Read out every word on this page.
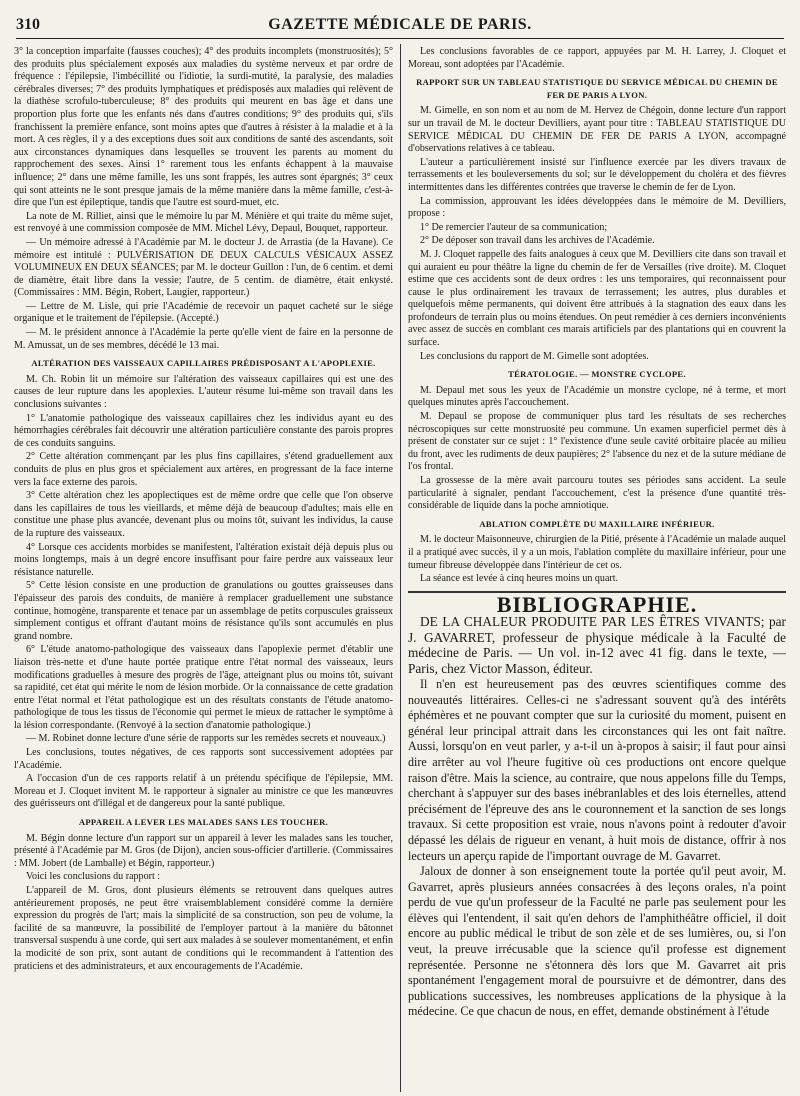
310	GAZETTE MÉDICALE DE PARIS.

3° la conception imparfaite (fausses couches); 4° des produits incomplets (monstruosités); 5° des produits plus spécialement exposés aux maladies du système nerveux et par ordre de fréquence : l'épilepsie, l'imbécillité ou l'idiotie, la surdi-mutité, la paralysie, des maladies cérébrales diverses; 7° des produits lymphatiques et prédisposés aux maladies qui relèvent de la diathèse scrofulo-tuberculeuse; 8° des produits qui meurent en bas âge et dans une proportion plus forte que les enfants nés dans d'autres conditions; 9° des produits qui, s'ils franchissent la première enfance, sont moins aptes que d'autres à résister à la maladie et à la mort. A ces règles, il y a des exceptions dues soit aux conditions de santé des ascendants, soit aux circonstances dynamiques dans lesquelles se trouvent les parents au moment du rapprochement des sexes. Ainsi 1° rarement tous les enfants échappent à la mauvaise influence; 2° dans une même famille, les uns sont frappés, les autres sont épargnés; 3° ceux qui sont atteints ne le sont presque jamais de la même manière dans la même famille, c'est-à-dire que l'un est épileptique, tandis que l'autre est sourd-muet, etc.

La note de M. Rilliet, ainsi que le mémoire lu par M. Ménière et qui traite du même sujet, est renvoyé à une commission composée de MM. Michel Lévy, Depaul, Bouquet, rapporteur.

— Un mémoire adressé à l'Académie par M. le docteur J. de Arrastia (de la Havane). Ce mémoire est intitulé : PULVÉRISATION DE DEUX CALCULS VÉSICAUX ASSEZ VOLUMINEUX EN DEUX SÉANCES; par M. le docteur Guillon : l'un, de 6 centim. et demi de diamètre, était libre dans la vessie; l'autre, de 5 centim. de diamètre, était enkysté. (Commissaires : MM. Bégin, Robert, Laugier, rapporteur.)

— Lettre de M. Lisle, qui prie l'Académie de recevoir un paquet cacheté sur le siége organique et le traitement de l'épilepsie. (Accepté.)

— M. le président annonce à l'Académie la perte qu'elle vient de faire en la personne de M. Amussat, un de ses membres, décédé le 13 mai.

ALTÉRATION DES VAISSEAUX CAPILLAIRES PRÉDISPOSANT A L'APOPLEXIE.

M. Ch. Robin lit un mémoire sur l'altération des vaisseaux capillaires qui est une des causes de leur rupture dans les apoplexies. L'auteur résume lui-même son travail dans les conclusions suivantes :

1° L'anatomie pathologique des vaisseaux capillaires chez les individus ayant eu des hémorrhagies cérébrales fait découvrir une altération particulière constante des parois propres de ces conduits sanguins.

2° Cette altération commençant par les plus fins capillaires, s'étend graduellement aux conduits de plus en plus gros et spécialement aux artères, en progressant de la face interne vers la face externe des parois.

3° Cette altération chez les apoplectiques est de même ordre que celle que l'on observe dans les capillaires de tous les vieillards, et même déjà de beaucoup d'adultes; mais elle en constitue une phase plus avancée, devenant plus ou moins tôt, suivant les individus, la cause de la rupture des vaisseaux.

4° Lorsque ces accidents morbides se manifestent, l'altération existait déjà depuis plus ou moins longtemps, mais à un degré encore insuffisant pour faire perdre aux vaisseaux leur résistance naturelle.

5° Cette lésion consiste en une production de granulations ou gouttes graisseuses dans l'épaisseur des parois des conduits, de manière à remplacer graduellement une substance continue, homogène, transparente et tenace par un assemblage de petits corpuscules graisseux simplement contigus et offrant d'autant moins de résistance qu'ils sont accumulés en plus grand nombre.

6° L'étude anatomo-pathologique des vaisseaux dans l'apoplexie permet d'établir une liaison très-nette et d'une haute portée pratique entre l'état normal des vaisseaux, leurs modifications graduelles à mesure des progrès de l'âge, atteignant plus ou moins tôt, suivant sa rapidité, cet état qui mérite le nom de lésion morbide. Or la connaissance de cette gradation entre l'état normal et l'état pathologique est un des résultats constants de l'étude anatomo-pathologique de tous les tissus de l'économie qui permet le mieux de rattacher le symptôme à la lésion correspondante. (Renvoyé à la section d'anatomie pathologique.)

— M. Robinet donne lecture d'une série de rapports sur les remèdes secrets et nouveaux.)

Les conclusions, toutes négatives, de ces rapports sont successivement adoptées par l'Académie.

A l'occasion d'un de ces rapports relatif à un prétendu spécifique de l'épilepsie, MM. Moreau et J. Cloquet invitent M. le rapporteur à signaler au ministre ce que les manœuvres des guérisseurs ont d'illégal et de dangereux pour la santé publique.

APPAREIL A LEVER LES MALADES SANS LES TOUCHER.

M. Bégin donne lecture d'un rapport sur un appareil à lever les malades sans les toucher, présenté à l'Académie par M. Gros (de Dijon), ancien sous-officier d'artillerie. (Commissaires : MM. Jobert (de Lamballe) et Bégin, rapporteur.)

Voici les conclusions du rapport :

L'appareil de M. Gros, dont plusieurs éléments se retrouvent dans quelques autres antérieurement proposés, ne peut être vraisemblablement considéré comme la dernière expression du progrès de l'art; mais la simplicité de sa construction, son peu de volume, la facilité de sa manœuvre, la possibilité de l'employer partout à la manière du bâtonnet transversal suspendu à une corde, qui sert aux malades à se soulever momentanément, et enfin la modicité de son prix, sont autant de conditions qui le recommandent à l'attention des praticiens et des administrateurs, et aux encouragements de l'Académie.

Les conclusions favorables de ce rapport, appuyées par M. H. Larrey, J. Cloquet et Moreau, sont adoptées par l'Académie.

RAPPORT SUR UN TABLEAU STATISTIQUE DU SERVICE MÉDICAL DU CHEMIN DE FER DE PARIS A LYON.

M. Gimelle, en son nom et au nom de M. Hervez de Chégoin, donne lecture d'un rapport sur un travail de M. le docteur Devilliers, ayant pour titre : TABLEAU STATISTIQUE DU SERVICE MÉDICAL DU CHEMIN DE FER DE PARIS A LYON, accompagné d'observations relatives à ce tableau.

L'auteur a particulièrement insisté sur l'influence exercée par les divers travaux de terrassements et les bouleversements du sol; sur le développement du choléra et des fièvres intermittentes dans les différentes contrées que traverse le chemin de fer de Lyon.

La commission, approuvant les idées développées dans le mémoire de M. Devilliers, propose :

1° De remercier l'auteur de sa communication;

2° De déposer son travail dans les archives de l'Académie.

M. J. Cloquet rappelle des faits analogues à ceux que M. Devilliers cite dans son travail et qui auraient eu pour théâtre la ligne du chemin de fer de Versailles (rive droite). M. Cloquet estime que ces accidents sont de deux ordres : les uns temporaires, qui reconnaissent pour cause le plus ordinairement les travaux de terrassement; les autres, plus durables et quelquefois même permanents, qui doivent être attribués à la stagnation des eaux dans les profondeurs de terrain plus ou moins étendues. On peut remédier à ces derniers inconvénients avec assez de succès en comblant ces marais artificiels par des plantations qui en couvrent la surface.

Les conclusions du rapport de M. Gimelle sont adoptées.

TÉRATOLOGIE. — MONSTRE CYCLOPE.

M. Depaul met sous les yeux de l'Académie un monstre cyclope, né à terme, et mort quelques minutes après l'accouchement.

M. Depaul se propose de communiquer plus tard les résultats de ses recherches nécroscopiques sur cette monstruosité peu commune. Un examen superficiel permet dès à présent de constater sur ce sujet : 1° l'existence d'une seule cavité orbitaire placée au milieu du front, avec les rudiments de deux paupières; 2° l'absence du nez et de la suture médiane de l'os frontal.

La grossesse de la mère avait parcouru toutes ses périodes sans accident. La seule particularité à signaler, pendant l'accouchement, c'est la présence d'une quantité très-considérable de liquide dans la poche amniotique.

ABLATION COMPLÈTE DU MAXILLAIRE INFÉRIEUR.

M. le docteur Maisonneuve, chirurgien de la Pitié, présente à l'Académie un malade auquel il a pratiqué avec succès, il y a un mois, l'ablation complète du maxillaire inférieur, pour une tumeur fibreuse développée dans l'intérieur de cet os.

La séance est levée à cinq heures moins un quart.

BIBLIOGRAPHIE.

DE LA CHALEUR PRODUITE PAR LES ÊTRES VIVANTS; par J. GAVARRET, professeur de physique médicale à la Faculté de médecine de Paris. — Un vol. in-12 avec 41 fig. dans le texte, — Paris, chez Victor Masson, éditeur.

Il n'en est heureusement pas des œuvres scientifiques comme des nouveautés littéraires. Celles-ci ne s'adressant souvent qu'à des intérêts éphémères et ne pouvant compter que sur la curiosité du moment, puisent en général leur principal attrait dans les circonstances qui les ont fait naître. Aussi, lorsqu'on en veut parler, y a-t-il un à-propos à saisir; il faut pour ainsi dire arrêter au vol l'heure fugitive où ces productions ont encore quelque raison d'être. Mais la science, au contraire, que nous appelons fille du Temps, cherchant à s'appuyer sur des bases inébranlables et des lois éternelles, attend précisément de l'épreuve des ans le couronnement et la sanction de ses longs travaux. Si cette proposition est vraie, nous n'avons point à redouter d'avoir dépassé les délais de rigueur en venant, à huit mois de distance, offrir à nos lecteurs un aperçu rapide de l'important ouvrage de M. Gavarret.

Jaloux de donner à son enseignement toute la portée qu'il peut avoir, M. Gavarret, après plusieurs années consacrées à des leçons orales, n'a point perdu de vue qu'un professeur de la Faculté ne parle pas seulement pour les élèves qui l'entendent, il sait qu'en dehors de l'amphithéâtre officiel, il doit encore au public médical le tribut de son zèle et de ses lumières, ou, si l'on veut, la preuve irrécusable que la science qu'il professe est dignement représentée. Personne ne s'étonnera dès lors que M. Gavarret ait pris spontanément l'engagement moral de poursuivre et de démontrer, dans des publications successives, les nombreuses applications de la physique à la médecine. Ce que chacun de nous, en effet, demande obstinément à l'étude
